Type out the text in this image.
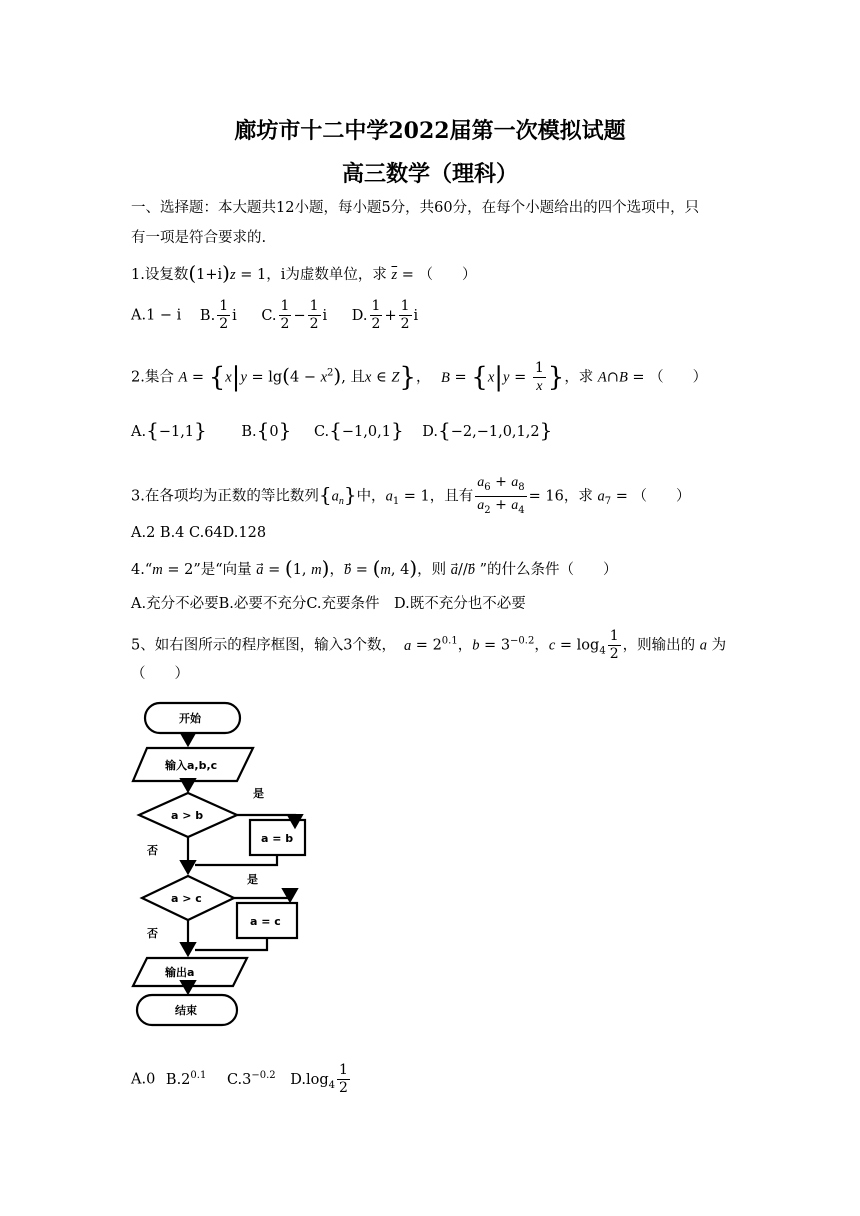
廊坊市十二中学2022届第一次模拟试题
高三数学（理科）
一、选择题：本大题共12小题，每小题5分，共60分，在每个小题给出的四个选项中，只
有一项是符合要求的.
1.设复数(1+i)z = 1，i为虚数单位，求 $\overline{z}$ = （　　）
A.1 − i B. $\frac{1}{2}$ i C. $\frac{1}{2} - \frac{1}{2}$ i D. $\frac{1}{2} + \frac{1}{2}$ i
2.集合 $A = \{x|y = \lg(4 - x^2)$, 且x ∈ Z}， $B = \{x|y = \frac{1}{x}$ }，求 A∩B = （　　）
A.{−1,1} B.{0} C.{−1,0,1} D.{−2,−1,0,1,2}
3.在各项均为正数的等比数列$\{a_n\}$中，$a_1 = 1$，且有 $\frac{a_6 + a_8}{a_2 + a_4} = 16$，求 $a_7$ = （　　）
A.2 B.4 C.64D.128
4.“m = 2”是“向量 a⃗ = (1, m)，b⃗ = (m, 4)，则 a⃗//b⃗ ”的什么条件（　　）
A.充分不必要B.必要不充分C.充要条件　D.既不充分也不必要
5、如右图所示的程序框图，输入3个数， $a = 2^{0.1}$，$b = 3^{-0.2}$，$c = \log_4 \frac{1}{2}$ ，则输出的 a 为
（　　）
开始
输入a,b,c
a > b
是
a = b
否
a > c
是
a = c
否
输出a
结束
A.0 $B.2^{0.1}$ $C.3^{-0.2}$ $D.\log_4 \frac{1}{2}$
